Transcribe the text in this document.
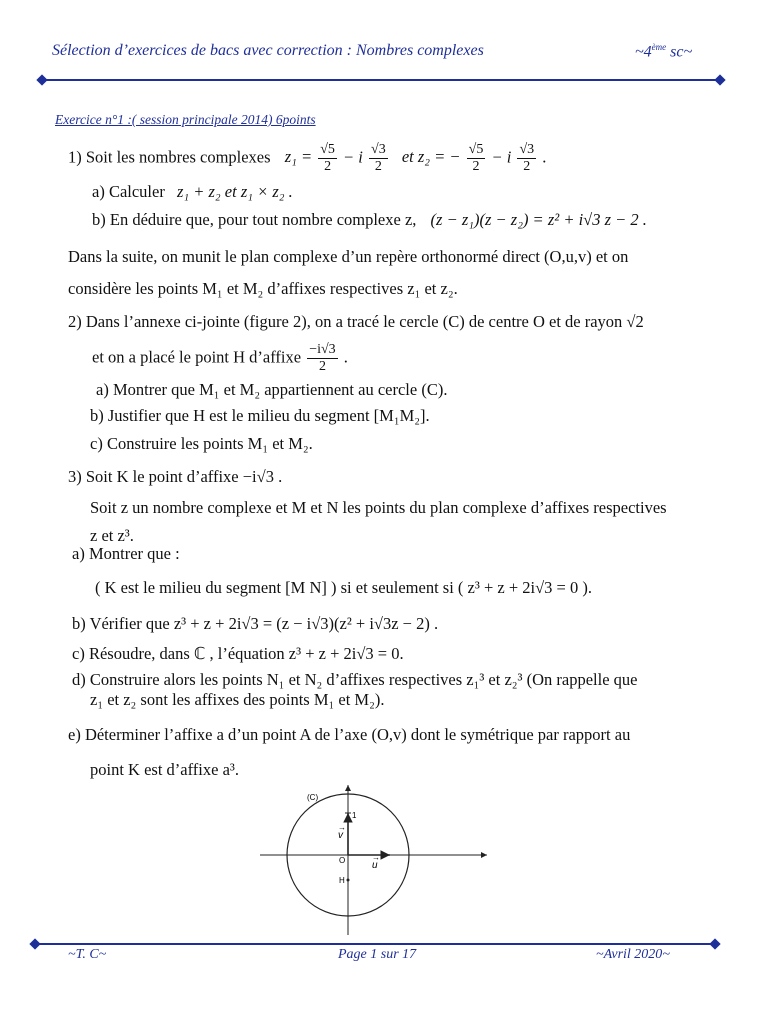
Sélection d’exercices de bacs avec correction : Nombres complexes	~4ème sc~
Exercice n°1 :( session principale 2014) 6points
1) Soit les nombres complexes $z_1 = \frac{√5}{2} - i \frac{√3}{2}$ et z₂ = − $\frac{√5}{2} - i \frac{√3}{2}$ .
a) Calculer z₁ + z₂ et z₁ × z₂ .
b) En déduire que, pour tout nombre complexe z, (z − z₁)(z − z₂) = z² + i√3 z − 2 .
Dans la suite, on munit le plan complexe d’un repère orthonormé direct (O,u,v) et on
considère les points M₁ et M₂ d’affixes respectives z₁ et z₂.
2) Dans l’annexe ci-jointe (figure 2), on a tracé le cercle (C) de centre O et de rayon √2
et on a placé le point H d’affixe $\frac{-i√3}{2}$ .
a) Montrer que M₁ et M₂ appartiennent au cercle (C).
b) Justifier que H est le milieu du segment [M₁M₂].
c) Construire les points M₁ et M₂.
3) Soit K le point d’affixe −i√3 .
Soit z un nombre complexe et M et N les points du plan complexe d’affixes respectives
z et z³.
a) Montrer que :
( K est le milieu du segment [M N] ) si et seulement si ( z³ + z + 2i√3 = 0 ).
b) Vérifier que z³ + z + 2i√3 = (z − i√3)(z² + i√3z − 2) .
c) Résoudre, dans ℂ , l’équation z³ + z + 2i√3 = 0.
d) Construire alors les points N₁ et N₂ d’affixes respectives z₁³ et z₂³ (On rappelle que
z₁ et z₂ sont les affixes des points M₁ et M₂).
e) Déterminer l’affixe a d’un point A de l’axe (O,v) dont le symétrique par rapport au
point K est d’affixe a³.
(C)
O
H
1
u
v
→
→
~T. C~	Page 1 sur 17	~Avril 2020~
